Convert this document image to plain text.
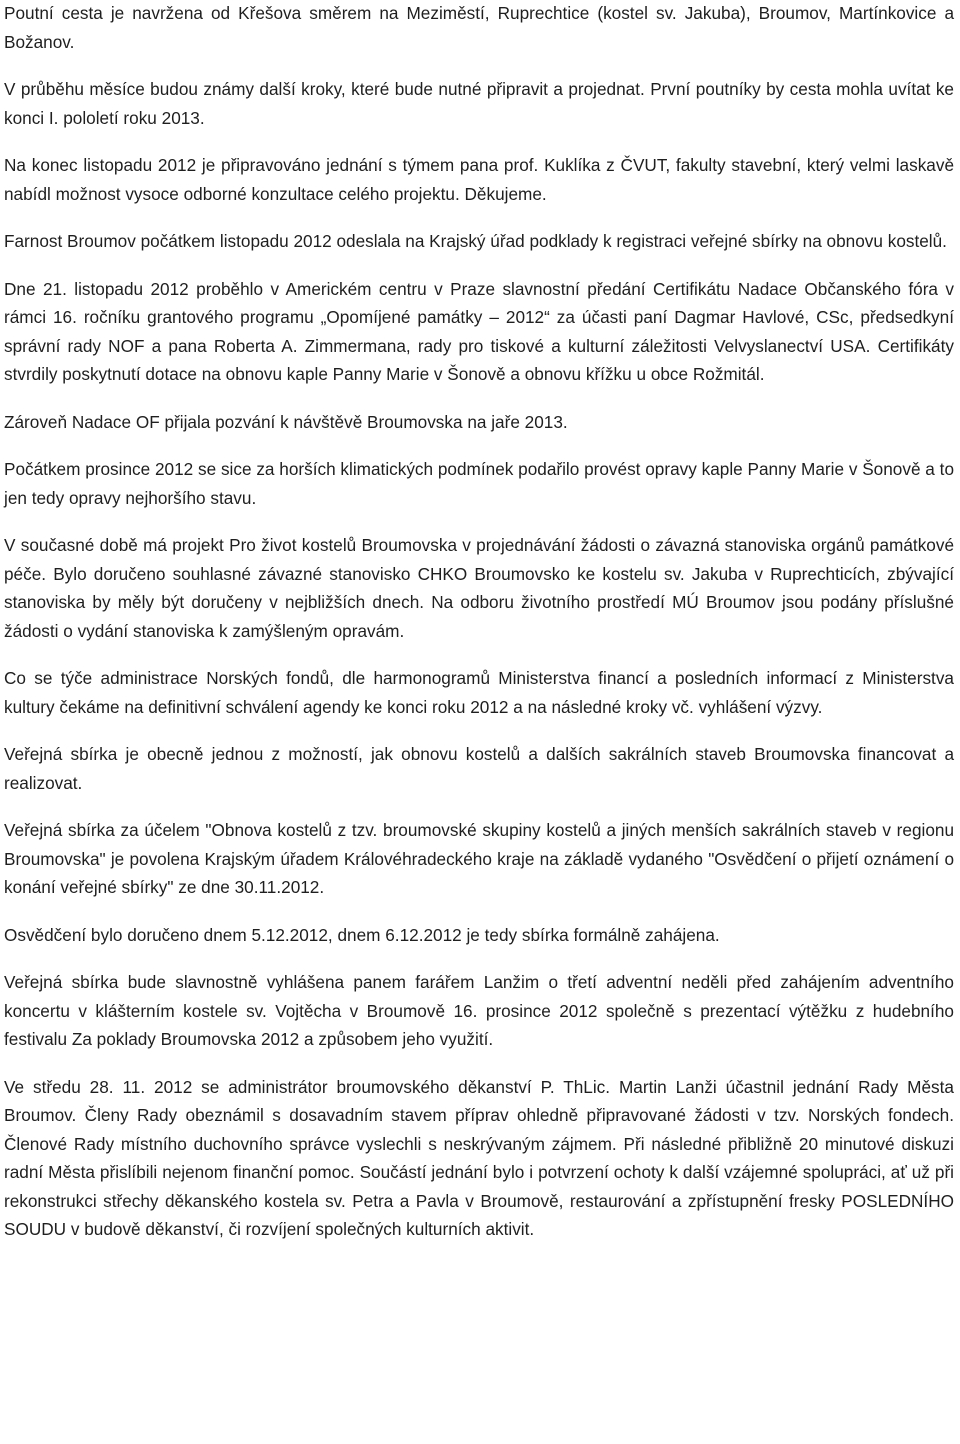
Poutní cesta je navržena od Křešova směrem na Meziměstí, Ruprechtice (kostel sv. Jakuba), Broumov, Martínkovice a Božanov.

V průběhu měsíce budou známy další kroky, které bude nutné připravit a projednat. První poutníky by cesta mohla uvítat ke konci I. pololetí roku 2013.

Na konec listopadu 2012 je připravováno jednání s týmem pana prof. Kuklíka z ČVUT, fakulty stavební, který velmi laskavě nabídl možnost vysoce odborné konzultace celého projektu. Děkujeme.

Farnost Broumov počátkem listopadu 2012 odeslala na Krajský úřad podklady k registraci veřejné sbírky na obnovu kostelů.

Dne 21. listopadu 2012 proběhlo v Americkém centru v Praze slavnostní předání Certifikátu Nadace Občanského fóra v rámci 16. ročníku grantového programu „Opomíjené památky – 2012“ za účasti paní Dagmar Havlové, CSc, předsedkyní správní rady NOF a pana Roberta A. Zimmermana, rady pro tiskové a kulturní záležitosti Velvyslanectví USA. Certifikáty stvrdily poskytnutí dotace na obnovu kaple Panny Marie v Šonově a obnovu křížku u obce Rožmitál.

Zároveň Nadace OF přijala pozvání k návštěvě Broumovska na jaře 2013.

Počátkem prosince 2012 se sice za horších klimatických podmínek podařilo provést opravy kaple Panny Marie v Šonově a to jen tedy opravy nejhoršího stavu.

V současné době má projekt Pro život kostelů Broumovska v projednávání žádosti o závazná stanoviska orgánů památkové péče. Bylo doručeno souhlasné závazné stanovisko CHKO Broumovsko ke kostelu sv. Jakuba v Ruprechticích, zbývající stanoviska by měly být doručeny v nejbližších dnech. Na odboru životního prostředí MÚ Broumov jsou podány příslušné žádosti o vydání stanoviska k zamýšleným opravám.

Co se týče administrace Norských fondů, dle harmonogramů Ministerstva financí a posledních informací z Ministerstva kultury čekáme na definitivní schválení agendy ke konci roku 2012 a na následné kroky vč. vyhlášení výzvy.

Veřejná sbírka je obecně jednou z možností, jak obnovu kostelů a dalších sakrálních staveb Broumovska financovat a realizovat.

Veřejná sbírka za účelem "Obnova kostelů z tzv. broumovské skupiny kostelů a jiných menších sakrálních staveb v regionu Broumovska" je povolena Krajským úřadem Královéhradeckého kraje na základě vydaného "Osvědčení o přijetí oznámení o konání veřejné sbírky" ze dne 30.11.2012.

Osvědčení bylo doručeno dnem 5.12.2012, dnem 6.12.2012 je tedy sbírka formálně zahájena.

Veřejná sbírka bude slavnostně vyhlášena panem farářem Lanžim o třetí adventní neděli před zahájením adventního koncertu v klášterním kostele sv. Vojtěcha v Broumově 16. prosince 2012 společně s prezentací výtěžku z hudebního festivalu Za poklady Broumovska 2012 a způsobem jeho využití.

Ve středu 28. 11. 2012 se administrátor broumovského děkanství P. ThLic. Martin Lanži účastnil jednání Rady Města Broumov. Členy Rady obeznámil s dosavadním stavem příprav ohledně připravované žádosti v tzv. Norských fondech. Členové Rady místního duchovního správce vyslechli s neskrývaným zájmem. Při následné přibližně 20 minutové diskuzi radní Města přislíbili nejenom finanční pomoc. Součástí jednání bylo i potvrzení ochoty k další vzájemné spolupráci, ať už při rekonstrukci střechy děkanského kostela sv. Petra a Pavla v Broumově, restaurování a zpřístupnění fresky POSLEDNÍHO SOUDU v budově děkanství, či rozvíjení společných kulturních aktivit.
